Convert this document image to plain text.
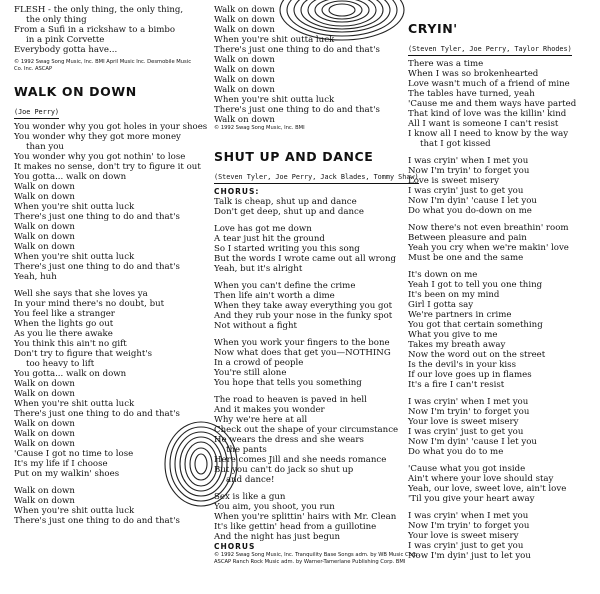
FLESH - the only thing, the only thing,
the only thing
From a Sufi in a rickshaw to a bimbo
in a pink Corvette
Everybody gotta have...
© 1992 Swag Song Music, Inc. BMI April Music Inc. Desmobile Music
Co. Inc. ASCAP
WALK ON DOWN
(Joe Perry)
You wonder why you got holes in your shoes
You wonder why they got more money
than you
You wonder why you got nothin' to lose
It makes no sense, don't try to figure it out
You gotta... walk on down
Walk on down
Walk on down
When you're shit outta luck
There's just one thing to do and that's
Walk on down
Walk on down
Walk on down
When you're shit outta luck
There's just one thing to do and that's
Yeah, huh
Well she says that she loves ya
In your mind there's no doubt, but
You feel like a stranger
When the lights go out
As you lie there awake
You think this ain't no gift
Don't try to figure that weight's
too heavy to lift
You gotta... walk on down
Walk on down
Walk on down
When you're shit outta luck
There's just one thing to do and that's
Walk on down
Walk on down
Walk on down
'Cause I got no time to lose
It's my life if I choose
Put on my walkin' shoes
Walk on down
Walk on down
When you're shit outta luck
There's just one thing to do and that's
Walk on down
Walk on down
Walk on down
When you're shit outta luck
There's just one thing to do and that's
Walk on down
Walk on down
Walk on down
Walk on down
When you're shit outta luck
There's just one thing to do and that's
Walk on down
© 1992 Swag Song Music, Inc. BMI
SHUT UP AND DANCE
(Steven Tyler, Joe Perry, Jack Blades, Tommy Shaw)
CHORUS:
Talk is cheap, shut up and dance
Don't get deep, shut up and dance
Love has got me down
A tear just hit the ground
So I started writing you this song
But the words I wrote came out all wrong
Yeah, but it's alright
When you can't define the crime
Then life ain't worth a dime
When they take away everything you got
And they rub your nose in the funky spot
Not without a fight
When you work your fingers to the bone
Now what does that get you—NOTHING
In a crowd of people
You're still alone
You hope that tells you something
The road to heaven is paved in hell
And it makes you wonder
Why we're here at all
Check out the shape of your circumstance
He wears the dress and she wears
the pants
Here comes Jill and she needs romance
But you can't do jack so shut up
and dance!
Sex is like a gun
You aim, you shoot, you run
When you're splittin' hairs with Mr. Clean
It's like gettin' head from a guillotine
And the night has just begun
CHORUS
© 1992 Swag Song Music, Inc. Tranquility Base Songs adm. by WB Music Corp.
ASCAP Ranch Rock Music adm. by Warner-Tamerlane Publishing Corp. BMI
CRYIN'
(Steven Tyler, Joe Perry, Taylor Rhodes)
There was a time
When I was so brokenhearted
Love wasn't much of a friend of mine
The tables have turned, yeah
'Cause me and them ways have parted
That kind of love was the killin' kind
All I want is someone I can't resist
I know all I need to know by the way
that I got kissed
I was cryin' when I met you
Now I'm tryin' to forget you
Love is sweet misery
I was cryin' just to get you
Now I'm dyin' 'cause I let you
Do what you do-down on me
Now there's not even breathin' room
Between pleasure and pain
Yeah you cry when we're makin' love
Must be one and the same
It's down on me
Yeah I got to tell you one thing
It's been on my mind
Girl I gotta say
We're partners in crime
You got that certain something
What you give to me
Takes my breath away
Now the word out on the street
Is the devil's in your kiss
If our love goes up in flames
It's a fire I can't resist
I was cryin' when I met you
Now I'm tryin' to forget you
Your love is sweet misery
I was cryin' just to get you
Now I'm dyin' 'cause I let you
Do what you do to me
'Cause what you got inside
Ain't where your love should stay
Yeah, our love, sweet love, ain't love
'Til you give your heart away
I was cryin' when I met you
Now I'm tryin' to forget you
Your love is sweet misery
I was cryin' just to get you
Now I'm dyin' just to let you
